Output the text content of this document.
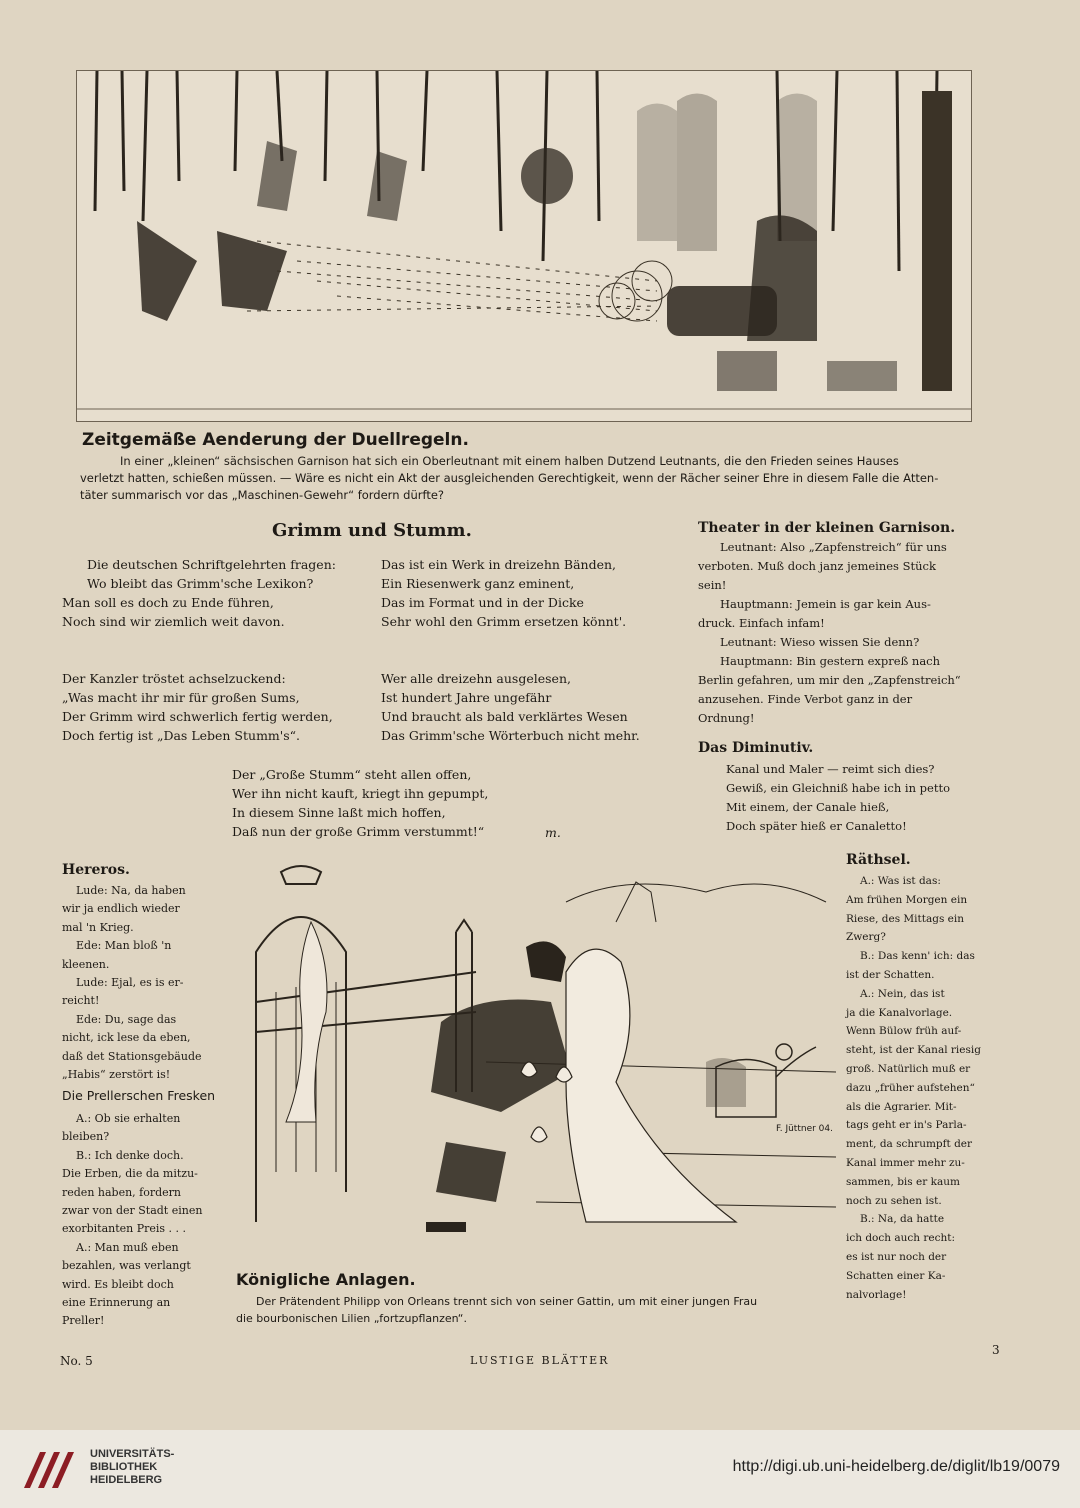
Zeitgemäße Aenderung der Duellregeln.
In einer „kleinen“ sächsischen Garnison hat sich ein Oberleutnant mit einem halben Dutzend Leutnants, die den Frieden seines Hauses
verletzt hatten, schießen müssen. — Wäre es nicht ein Akt der ausgleichenden Gerechtigkeit, wenn der Rächer seiner Ehre in diesem Falle die Atten-
täter summarisch vor das „Maschinen-Gewehr“ fordern dürfte?
Grimm und Stumm.
Die deutschen Schriftgelehrten fragen:
Wo bleibt das Grimm'sche Lexikon?
Man soll es doch zu Ende führen,
Noch sind wir ziemlich weit davon.
Der Kanzler tröstet achselzuckend:
„Was macht ihr mir für großen Sums,
Der Grimm wird schwerlich fertig werden,
Doch fertig ist „Das Leben Stumm's“.
Das ist ein Werk in dreizehn Bänden,
Ein Riesenwerk ganz eminent,
Das im Format und in der Dicke
Sehr wohl den Grimm ersetzen könnt'.
Wer alle dreizehn ausgelesen,
Ist hundert Jahre ungefähr
Und braucht als bald verklärtes Wesen
Das Grimm'sche Wörterbuch nicht mehr.
Der „Große Stumm“ steht allen offen,
Wer ihn nicht kauft, kriegt ihn gepumpt,
In diesem Sinne laßt mich hoffen,
Daß nun der große Grimm verstummt!“	m.
Theater in der kleinen Garnison.
Leutnant: Also „Zapfenstreich“ für uns
verboten. Muß doch janz jemeines Stück
sein!
Hauptmann: Jemein is gar kein Aus-
druck. Einfach infam!
Leutnant: Wieso wissen Sie denn?
Hauptmann: Bin gestern expreß nach
Berlin gefahren, um mir den „Zapfenstreich“
anzusehen. Finde Verbot ganz in der
Ordnung!
Das Diminutiv.
Kanal und Maler — reimt sich dies?
Gewiß, ein Gleichniß habe ich in petto
Mit einem, der Canale hieß,
Doch später hieß er Canaletto!
Hereros.
Lude: Na, da haben
wir ja endlich wieder
mal 'n Krieg.
Ede: Man bloß 'n
kleenen.
Lude: Ejal, es is er-
reicht!
Ede: Du, sage das
nicht, ick lese da eben,
daß det Stationsgebäude
„Habis“ zerstört is!
Die Prellerschen Fresken
A.: Ob sie erhalten
bleiben?
B.: Ich denke doch.
Die Erben, die da mitzu-
reden haben, fordern
zwar von der Stadt einen
exorbitanten Preis . . .
A.: Man muß eben
bezahlen, was verlangt
wird. Es bleibt doch
eine Erinnerung an
Preller!
Räthsel.
A.: Was ist das:
Am frühen Morgen ein
Riese, des Mittags ein
Zwerg?
B.: Das kenn' ich: das
ist der Schatten.
A.: Nein, das ist
ja die Kanalvorlage.
Wenn Bülow früh auf-
steht, ist der Kanal riesig
groß. Natürlich muß er
dazu „früher aufstehen“
als die Agrarier. Mit-
tags geht er in's Parla-
ment, da schrumpft der
Kanal immer mehr zu-
sammen, bis er kaum
noch zu sehen ist.
B.: Na, da hatte
ich doch auch recht:
es ist nur noch der
Schatten einer Ka-
nalvorlage!
F. Jüttner 04.
Königliche Anlagen.
Der Prätendent Philipp von Orleans trennt sich von seiner Gattin, um mit einer jungen Frau
die bourbonischen Lilien „fortzupflanzen“.
No. 5	LUSTIGE BLÄTTER
3
UNIVERSITÄTS-
BIBLIOTHEK
HEIDELBERG
http://digi.ub.uni-heidelberg.de/diglit/lb19/0079
